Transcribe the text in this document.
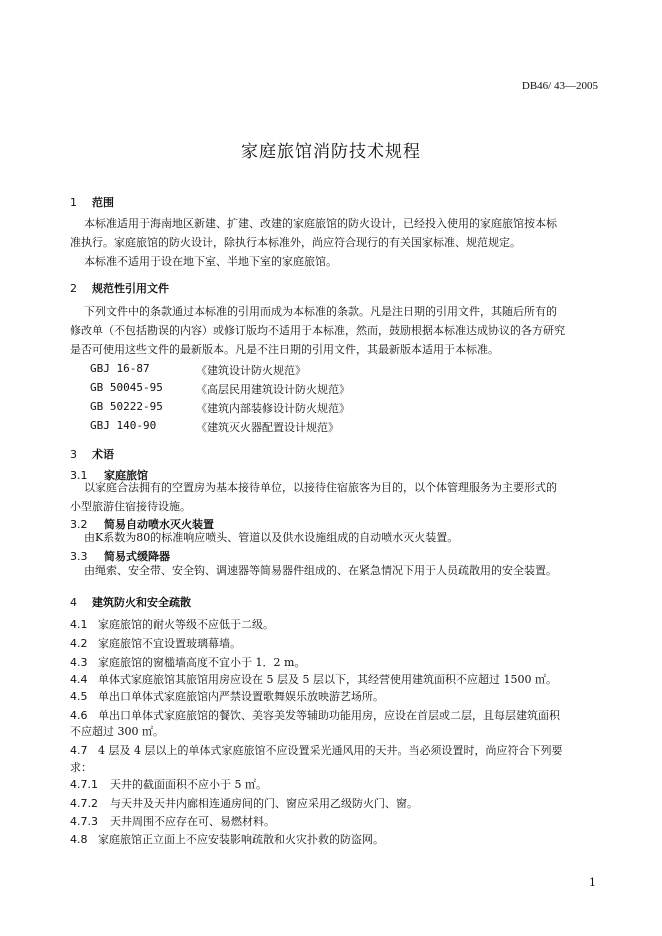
DB46/ 43—2005
家庭旅馆消防技术规程
1 范围
本标准适用于海南地区新建、扩建、改建的家庭旅馆的防火设计，已经投入使用的家庭旅馆按本标
准执行。家庭旅馆的防火设计，除执行本标准外，尚应符合现行的有关国家标准、规范规定。
本标准不适用于设在地下室、半地下室的家庭旅馆。
2 规范性引用文件
下列文件中的条款通过本标准的引用而成为本标准的条款。凡是注日期的引用文件，其随后所有的
修改单（不包括勘误的内容）或修订版均不适用于本标准，然而，鼓励根据本标准达成协议的各方研究
是否可使用这些文件的最新版本。凡是不注日期的引用文件，其最新版本适用于本标准。
GBJ 16-87	《建筑设计防火规范》
GB 50045-95	《高层民用建筑设计防火规范》
GB 50222-95	《建筑内部装修设计防火规范》
GBJ 140-90	《建筑灭火器配置设计规范》
3 术语
3.1 家庭旅馆
以家庭合法拥有的空置房为基本接待单位，以接待住宿旅客为目的，以个体管理服务为主要形式的
小型旅游住宿接待设施。
3.2 简易自动喷水灭火装置
由K系数为80的标准响应喷头、管道以及供水设施组成的自动喷水灭火装置。
3.3 简易式缓降器
由绳索、安全带、安全钩、调速器等简易器件组成的、在紧急情况下用于人员疏散用的安全装置。
4 建筑防火和安全疏散
4.1 家庭旅馆的耐火等级不应低于二级。
4.2 家庭旅馆不宜设置玻璃幕墙。
4.3 家庭旅馆的窗槛墙高度不宜小于 1．2 m。
4.4 单体式家庭旅馆其旅馆用房应设在 5 层及 5 层以下，其经营使用建筑面积不应超过 1500 ㎡。
4.5 单出口单体式家庭旅馆内严禁设置歌舞娱乐放映游艺场所。
4.6 单出口单体式家庭旅馆的餐饮、美容美发等辅助功能用房，应设在首层或二层，且每层建筑面积
不应超过 300 ㎡。
4.7 4 层及 4 层以上的单体式家庭旅馆不应设置采光通风用的天井。当必须设置时，尚应符合下列要
求：
4.7.1 天井的截面面积不应小于 5 ㎡。
4.7.2 与天井及天井内廊相连通房间的门、窗应采用乙级防火门、窗。
4.7.3 天井周围不应存在可、易燃材料。
4.8 家庭旅馆正立面上不应安装影响疏散和火灾扑救的防盗网。
1
